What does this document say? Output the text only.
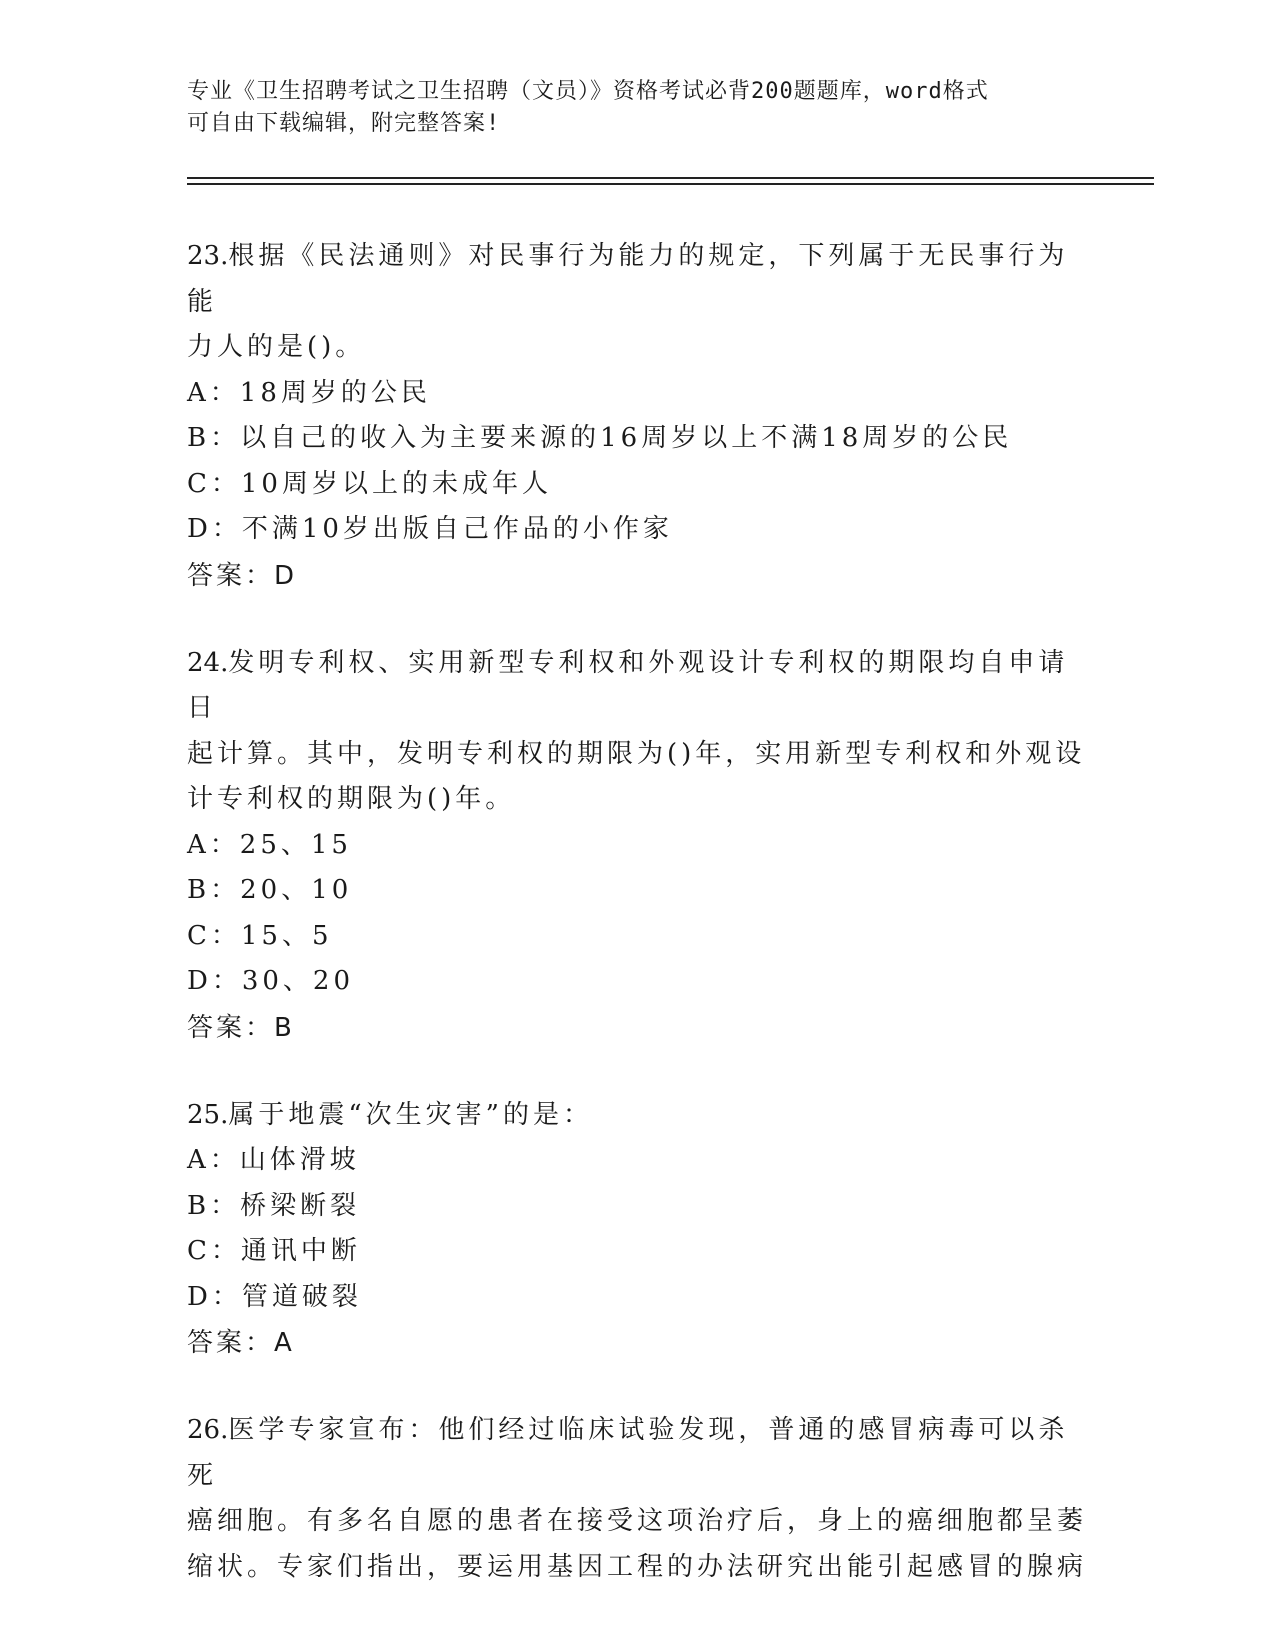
专业《卫生招聘考试之卫生招聘（文员）》资格考试必背200题题库，word格式
可自由下载编辑，附完整答案!

23.根据《民法通则》对民事行为能力的规定，下列属于无民事行为能

力人的是()。

A：18周岁的公民

B：以自己的收入为主要来源的16周岁以上不满18周岁的公民

C：10周岁以上的未成年人

D：不满10岁出版自己作品的小作家

答案：D

24.发明专利权、实用新型专利权和外观设计专利权的期限均自申请日

起计算。其中，发明专利权的期限为()年，实用新型专利权和外观设

计专利权的期限为()年。

A：25、15

B：20、10

C：15、5

D：30、20

答案：B

25.属于地震“次生灾害”的是：

A：山体滑坡

B：桥梁断裂

C：通讯中断

D：管道破裂

答案：A

26.医学专家宣布：他们经过临床试验发现，普通的感冒病毒可以杀死

癌细胞。有多名自愿的患者在接受这项治疗后，身上的癌细胞都呈萎

缩状。专家们指出，要运用基因工程的办法研究出能引起感冒的腺病
